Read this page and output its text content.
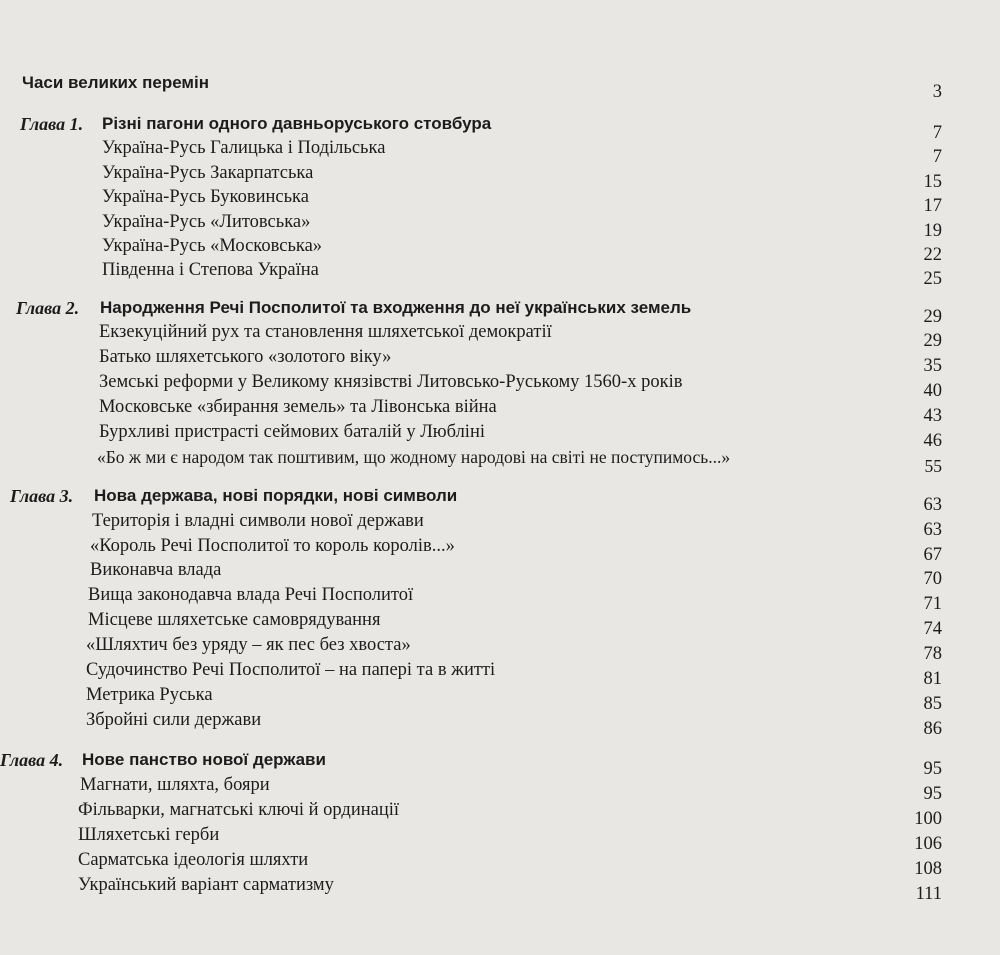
Часи великих перемін	3
Глава 1. Різні пагони одного давньоруського стовбура	7
Україна-Русь Галицька і Подільська	7
Україна-Русь Закарпатська	15
Україна-Русь Буковинська	17
Україна-Русь «Литовська»	19
Україна-Русь «Московська»	22
Південна і Степова Україна	25
Глава 2. Народження Речі Посполитої та входження до неї українських земель	29
Екзекуційний рух та становлення шляхетської демократії	29
Батько шляхетського «золотого віку»	35
Земські реформи у Великому князівстві Литовсько-Руському 1560-х років	40
Московське «збирання земель» та Лівонська війна	43
Бурхливі пристрасті сеймових баталій у Любліні	46
«Бо ж ми є народом так поштивим, що жодному народові на світі не поступимось...»	55
Глава 3. Нова держава, нові порядки, нові символи	63
Територія і владні символи нової держави	63
«Король Речі Посполитої то король королів...»	67
Виконавча влада	70
Вища законодавча влада Речі Посполитої	71
Місцеве шляхетське самоврядування	74
«Шляхтич без уряду – як пес без хвоста»	78
Судочинство Речі Посполитої – на папері та в житті	81
Метрика Руська	85
Збройні сили держави	86
Глава 4. Нове панство нової держави	95
Магнати, шляхта, бояри	95
Фільварки, магнатські ключі й ординації	100
Шляхетські герби	106
Сарматська ідеологія шляхти	108
Український варіант сарматизму	111
